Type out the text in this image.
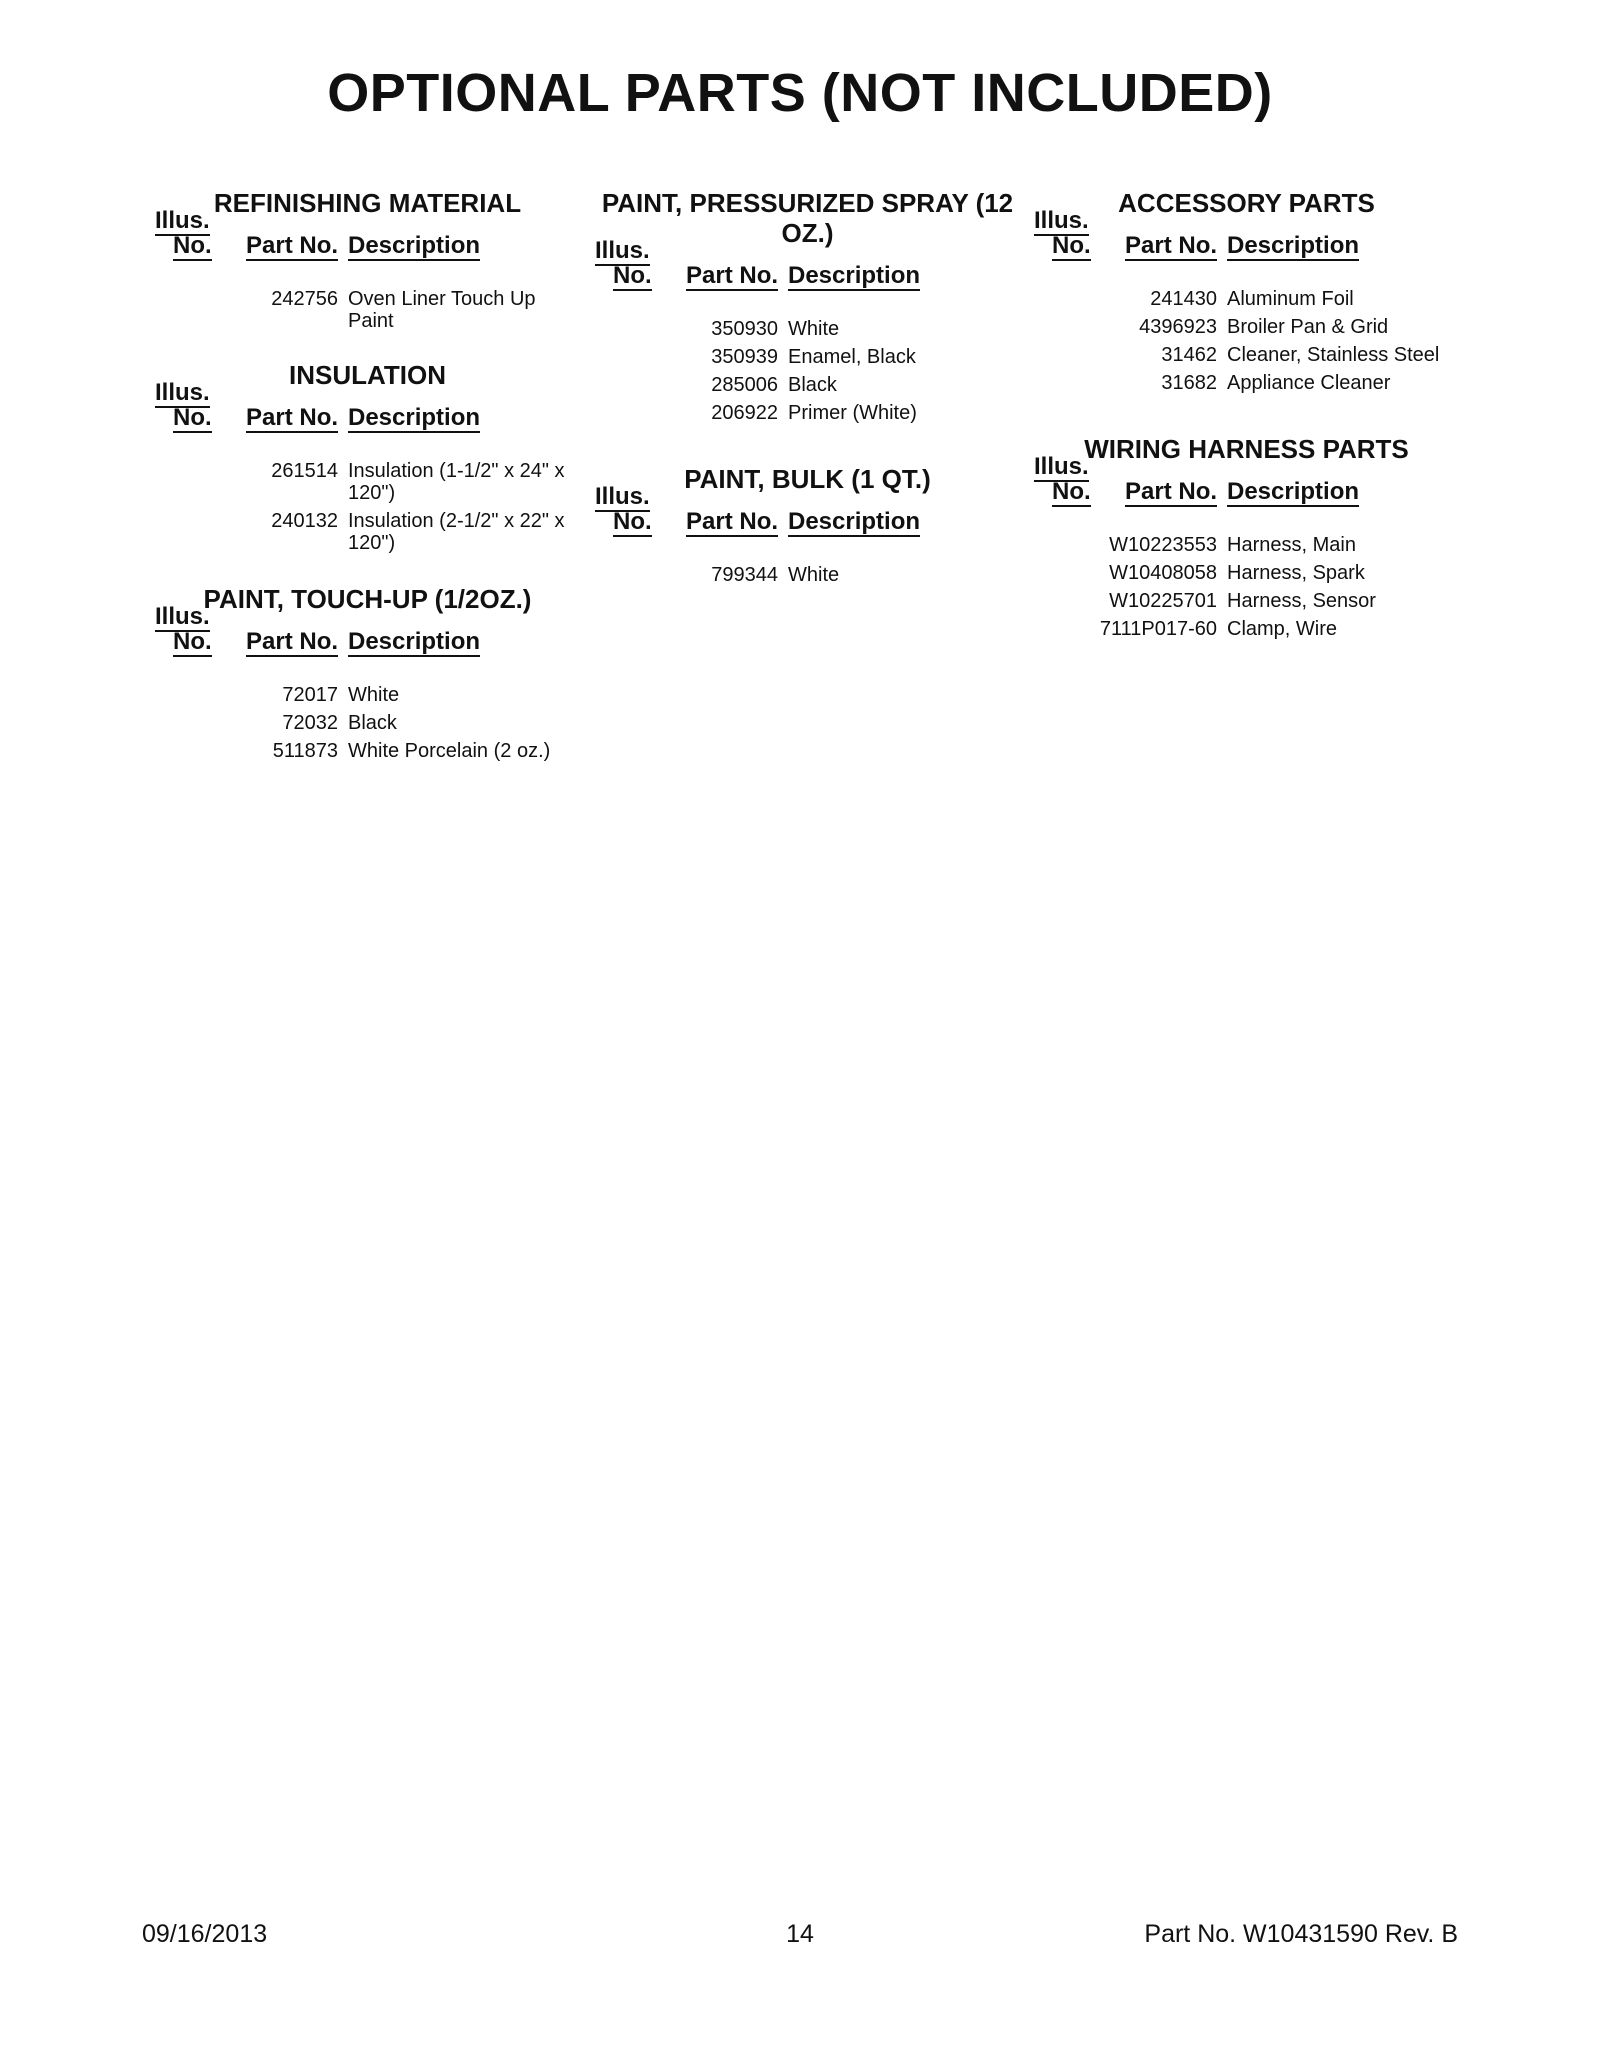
OPTIONAL PARTS (NOT INCLUDED)
REFINISHING MATERIAL
Illus.
No. Part No. Description
242756 Oven Liner Touch Up Paint
INSULATION
Illus.
No. Part No. Description
261514 Insulation (1-1/2" x 24" x 120")
240132 Insulation (2-1/2" x 22" x 120")
PAINT, TOUCH-UP (1/2OZ.)
Illus.
No. Part No. Description
72017 White
72032 Black
511873 White Porcelain (2 oz.)
PAINT, PRESSURIZED SPRAY (12 OZ.)
Illus.
No. Part No. Description
350930 White
350939 Enamel, Black
285006 Black
206922 Primer (White)
PAINT, BULK (1 QT.)
Illus.
No. Part No. Description
799344 White
ACCESSORY PARTS
Illus.
No. Part No. Description
241430 Aluminum Foil
4396923 Broiler Pan & Grid
31462 Cleaner, Stainless Steel
31682 Appliance Cleaner
WIRING HARNESS PARTS
Illus.
No. Part No. Description
W10223553 Harness, Main
W10408058 Harness, Spark
W10225701 Harness, Sensor
7111P017-60 Clamp, Wire
09/16/2013	14	Part No. W10431590 Rev. B
